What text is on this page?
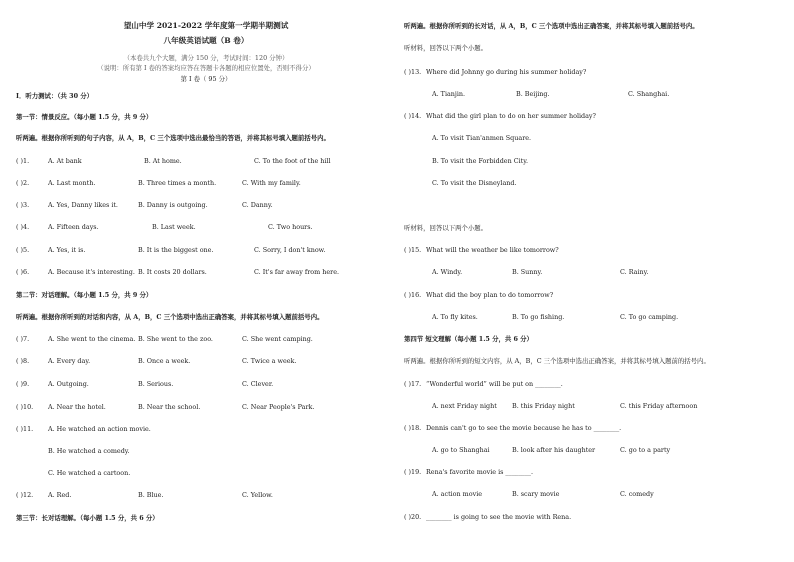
望山中学 2021-2022 学年度第一学期半期测试
八年级英语试题（B 卷）
（本卷共九个大题，满分 150 分，考试时间：120 分钟）
（说明：所有第 I 卷的答案均应答在答题卡各题的相应位置处，否则不得分）
第 I 卷（ 95 分）
I．听力测试：（共 30 分）
第一节：情景反应。（每小题 1.5 分，共 9 分）
听两遍。根据你所听到的句子内容，从 A，B，C 三个选项中选出最恰当的答语，并将其标号填入题前括号内。
( )1.	A. At bank	B. At home.	C. To the foot of the hill
( )2.	A. Last month.	B. Three times a month.	C. With my family.
( )3.	A. Yes, Danny likes it.	B. Danny is outgoing.	C. Danny.
( )4.	A. Fifteen days.	B. Last week.	C. Two hours.
( )5.	A. Yes, it is.	B. It is the biggest one.	C. Sorry, I don't know.
( )6.	A. Because it's interesting. B. It costs 20 dollars.	C. It's far away from here.
第二节：对话理解。（每小题 1.5 分，共 9 分）
听两遍。根据你所听到的对话和内容，从 A，B，C 三个选项中选出正确答案，并将其标号填入题前括号内。
( )7.	A. She went to the cinema. B. She went to the zoo.	C. She went camping.
( )8.	A. Every day.	B. Once a week.	C. Twice a week.
( )9.	A. Outgoing.	B. Serious.	C. Clever.
( )10. A. Near the hotel.	B. Near the school.	C. Near People's Park.
( )11. A. He watched an action movie.
B. He watched a comedy.
C. He watched a cartoon.
( )12. A. Red.	B. Blue.	C. Yellow.
第三节：长对话理解。（每小题 1.5 分，共 6 分）
听两遍。根据你所听到的长对话，从 A，B，C 三个选项中选出正确答案，并将其标号填入题前括号内。
听材料，回答以下两个小题。
( )13. Where did Johnny go during his summer holiday?
A. Tianjin.	B. Beijing.	C. Shanghai.
( )14. What did the girl plan to do on her summer holiday?
A. To visit Tian'anmen Square.
B. To visit the Forbidden City.
C. To visit the Disneyland.
听材料，回答以下两个小题。
( )15. What will the weather be like tomorrow?
A. Windy.	B. Sunny.	C. Rainy.
( )16. What did the boy plan to do tomorrow?
A. To fly kites.	B. To go fishing.	C. To go camping.
第四节 短文理解（每小题 1.5 分，共 6 分）
听两遍。根据你所听到的短文内容，从 A，B，C 三个选项中选出正确答案，并将其标号填入题前的括号内。
( )17. “Wonderful world” will be put on ________.
A. next Friday night B. this Friday night	C. this Friday afternoon
( )18. Dennis can't go to see the movie because he has to ________.
A. go to Shanghai	B. look after his daughter	C. go to a party
( )19. Rena's favorite movie is ________.
A. action movie	B. scary movie	C. comedy
( )20. ________ is going to see the movie with Rena.
